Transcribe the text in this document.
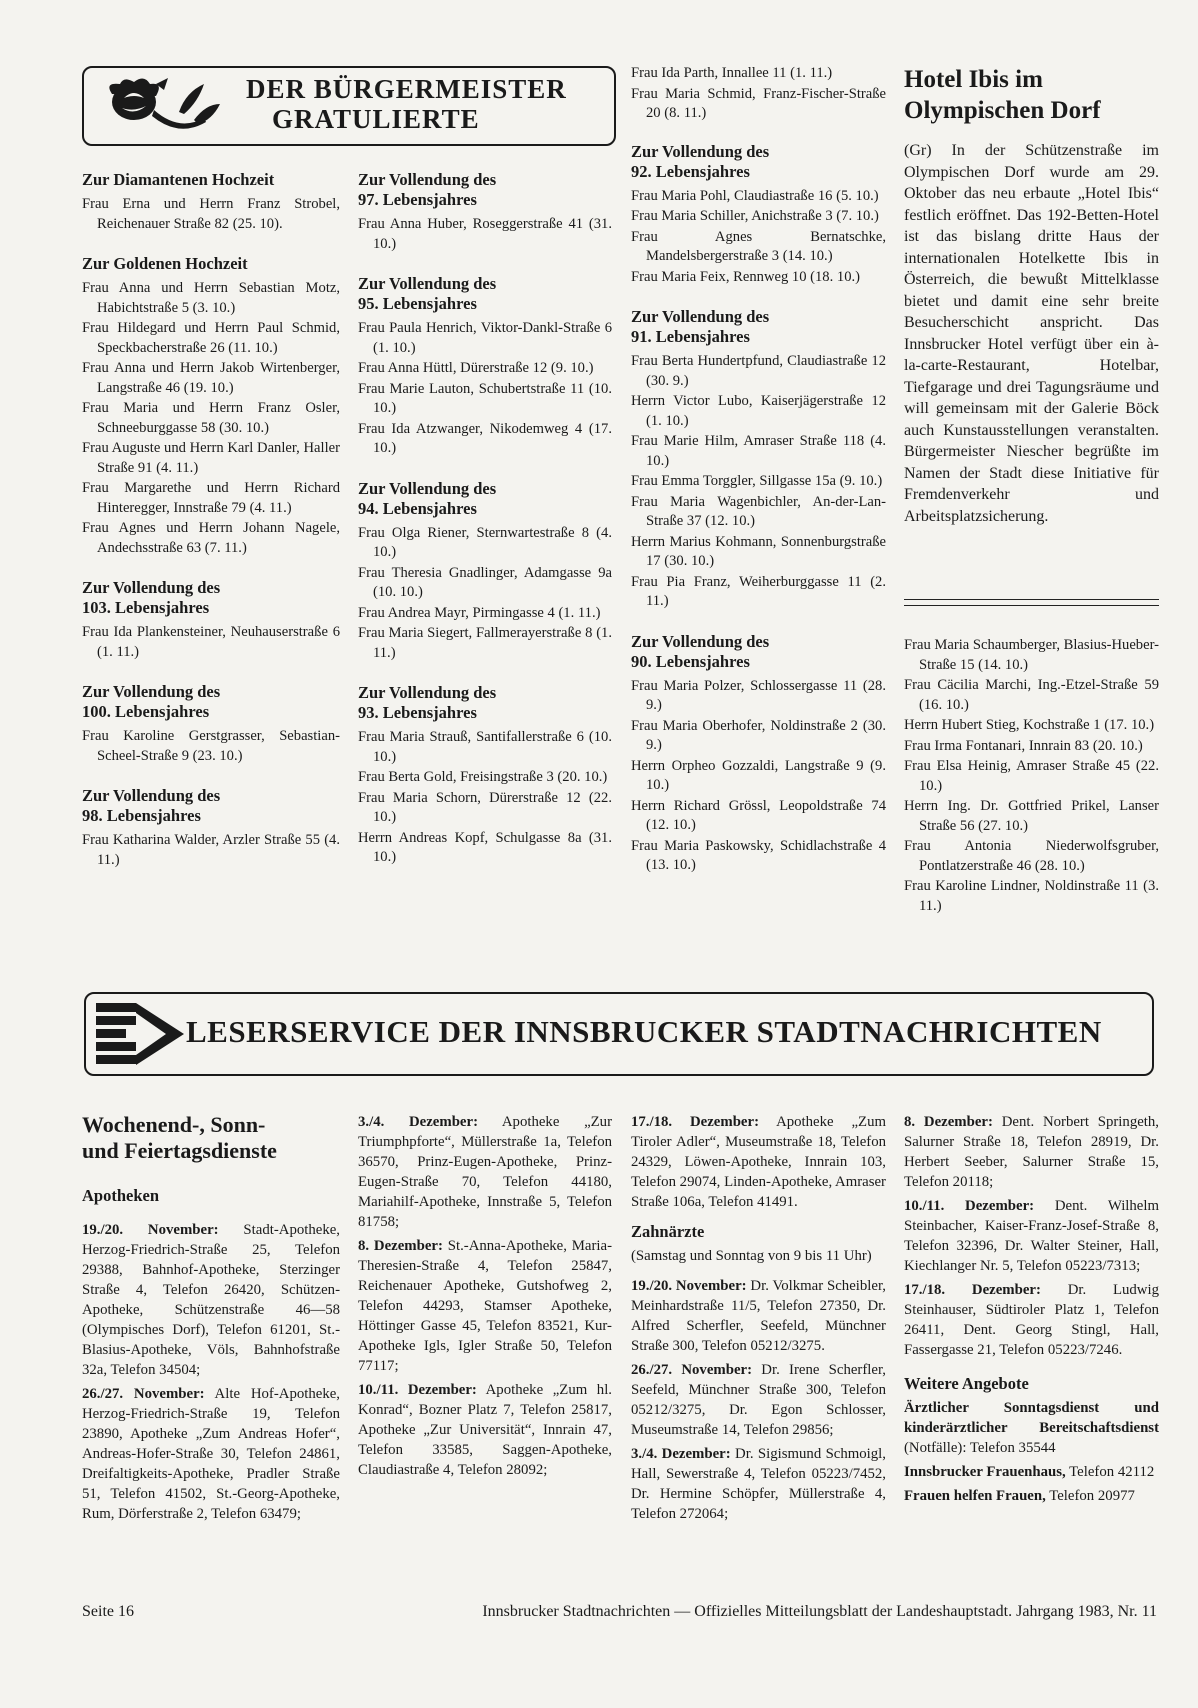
DER BÜRGERMEISTER
GRATULIERTE
Zur Diamantenen Hochzeit
Frau Erna und Herrn Franz Strobel, Reichenauer Straße 82 (25. 10).
Zur Goldenen Hochzeit
Frau Anna und Herrn Sebastian Motz, Habichtstraße 5 (3. 10.)
Frau Hildegard und Herrn Paul Schmid, Speckbacherstraße 26 (11. 10.)
Frau Anna und Herrn Jakob Wirtenberger, Langstraße 46 (19. 10.)
Frau Maria und Herrn Franz Osler, Schneeburggasse 58 (30. 10.)
Frau Auguste und Herrn Karl Danler, Haller Straße 91 (4. 11.)
Frau Margarethe und Herrn Richard Hinteregger, Innstraße 79 (4. 11.)
Frau Agnes und Herrn Johann Nagele, Andechsstraße 63 (7. 11.)
Zur Vollendung des
103. Lebensjahres
Frau Ida Plankensteiner, Neuhauserstraße 6 (1. 11.)
Zur Vollendung des
100. Lebensjahres
Frau Karoline Gerstgrasser, Sebastian-Scheel-Straße 9 (23. 10.)
Zur Vollendung des
98. Lebensjahres
Frau Katharina Walder, Arzler Straße 55 (4. 11.)
Zur Vollendung des
97. Lebensjahres
Frau Anna Huber, Roseggerstraße 41 (31. 10.)
Zur Vollendung des
95. Lebensjahres
Frau Paula Henrich, Viktor-Dankl-Straße 6 (1. 10.)
Frau Anna Hüttl, Dürerstraße 12 (9. 10.)
Frau Marie Lauton, Schubertstraße 11 (10. 10.)
Frau Ida Atzwanger, Nikodemweg 4 (17. 10.)
Zur Vollendung des
94. Lebensjahres
Frau Olga Riener, Sternwartestraße 8 (4. 10.)
Frau Theresia Gnadlinger, Adamgasse 9a (10. 10.)
Frau Andrea Mayr, Pirmingasse 4 (1. 11.)
Frau Maria Siegert, Fallmerayerstraße 8 (1. 11.)
Zur Vollendung des
93. Lebensjahres
Frau Maria Strauß, Santifallerstraße 6 (10. 10.)
Frau Berta Gold, Freisingstraße 3 (20. 10.)
Frau Maria Schorn, Dürerstraße 12 (22. 10.)
Herrn Andreas Kopf, Schulgasse 8a (31. 10.)
Frau Ida Parth, Innallee 11 (1. 11.)
Frau Maria Schmid, Franz-Fischer-Straße 20 (8. 11.)
Zur Vollendung des
92. Lebensjahres
Frau Maria Pohl, Claudiastraße 16 (5. 10.)
Frau Maria Schiller, Anichstraße 3 (7. 10.)
Frau Agnes Bernatschke, Mandelsbergerstraße 3 (14. 10.)
Frau Maria Feix, Rennweg 10 (18. 10.)
Zur Vollendung des
91. Lebensjahres
Frau Berta Hundertpfund, Claudiastraße 12 (30. 9.)
Herrn Victor Lubo, Kaiserjägerstraße 12 (1. 10.)
Frau Marie Hilm, Amraser Straße 118 (4. 10.)
Frau Emma Torggler, Sillgasse 15a (9. 10.)
Frau Maria Wagenbichler, An-der-Lan-Straße 37 (12. 10.)
Herrn Marius Kohmann, Sonnenburgstraße 17 (30. 10.)
Frau Pia Franz, Weiherburggasse 11 (2. 11.)
Zur Vollendung des
90. Lebensjahres
Frau Maria Polzer, Schlossergasse 11 (28. 9.)
Frau Maria Oberhofer, Noldinstraße 2 (30. 9.)
Herrn Orpheo Gozzaldi, Langstraße 9 (9. 10.)
Herrn Richard Grössl, Leopoldstraße 74 (12. 10.)
Frau Maria Paskowsky, Schidlachstraße 4 (13. 10.)
Hotel Ibis im Olympischen Dorf
(Gr) In der Schützenstraße im Olympischen Dorf wurde am 29. Oktober das neu erbaute „Hotel Ibis“ festlich eröffnet. Das 192-Betten-Hotel ist das bislang dritte Haus der internationalen Hotelkette Ibis in Österreich, die bewußt Mittelklasse bietet und damit eine sehr breite Besucherschicht anspricht. Das Innsbrucker Hotel verfügt über ein à-la-carte-Restaurant, Hotelbar, Tiefgarage und drei Tagungsräume und will gemeinsam mit der Galerie Böck auch Kunstausstellungen veranstalten. Bürgermeister Niescher begrüßte im Namen der Stadt diese Initiative für Fremdenverkehr und Arbeitsplatzsicherung.
Frau Maria Schaumberger, Blasius-Hueber-Straße 15 (14. 10.)
Frau Cäcilia Marchi, Ing.-Etzel-Straße 59 (16. 10.)
Herrn Hubert Stieg, Kochstraße 1 (17. 10.)
Frau Irma Fontanari, Innrain 83 (20. 10.)
Frau Elsa Heinig, Amraser Straße 45 (22. 10.)
Herrn Ing. Dr. Gottfried Prikel, Lanser Straße 56 (27. 10.)
Frau Antonia Niederwolfsgruber, Pontlatzerstraße 46 (28. 10.)
Frau Karoline Lindner, Noldinstraße 11 (3. 11.)
LESERSERVICE DER INNSBRUCKER STADTNACHRICHTEN
Wochenend-, Sonn-
und Feiertagsdienste
Apotheken

19./20. November: Stadt-Apotheke, Herzog-Friedrich-Straße 25, Telefon 29388, Bahnhof-Apotheke, Sterzinger Straße 4, Telefon 26420, Schützen-Apotheke, Schützenstraße 46—58 (Olympisches Dorf), Telefon 61201, St.-Blasius-Apotheke, Völs, Bahnhofstraße 32a, Telefon 34504;

26./27. November: Alte Hof-Apotheke, Herzog-Friedrich-Straße 19, Telefon 23890, Apotheke „Zum Andreas Hofer“, Andreas-Hofer-Straße 30, Telefon 24861, Dreifaltigkeits-Apotheke, Pradler Straße 51, Telefon 41502, St.-Georg-Apotheke, Rum, Dörferstraße 2, Telefon 63479;

3./4. Dezember: Apotheke „Zur Triumphpforte“, Müllerstraße 1a, Telefon 36570, Prinz-Eugen-Apotheke, Prinz-Eugen-Straße 70, Telefon 44180, Mariahilf-Apotheke, Innstraße 5, Telefon 81758;

8. Dezember: St.-Anna-Apotheke, Maria-Theresien-Straße 4, Telefon 25847, Reichenauer Apotheke, Gutshofweg 2, Telefon 44293, Stamser Apotheke, Höttinger Gasse 45, Telefon 83521, Kur-Apotheke Igls, Igler Straße 50, Telefon 77117;

10./11. Dezember: Apotheke „Zum hl. Konrad“, Bozner Platz 7, Telefon 25817, Apotheke „Zur Universität“, Innrain 47, Telefon 33585, Saggen-Apotheke, Claudiastraße 4, Telefon 28092;

17./18. Dezember: Apotheke „Zum Tiroler Adler“, Museumstraße 18, Telefon 24329, Löwen-Apotheke, Innrain 103, Telefon 29074, Linden-Apotheke, Amraser Straße 106a, Telefon 41491.

Zahnärzte

(Samstag und Sonntag von 9 bis 11 Uhr)

19./20. November: Dr. Volkmar Scheibler, Meinhardstraße 11/5, Telefon 27350, Dr. Alfred Scherfler, Seefeld, Münchner Straße 300, Telefon 05212/3275.

26./27. November: Dr. Irene Scherfler, Seefeld, Münchner Straße 300, Telefon 05212/3275, Dr. Egon Schlosser, Museumstraße 14, Telefon 29856;

3./4. Dezember: Dr. Sigismund Schmoigl, Hall, Sewerstraße 4, Telefon 05223/7452, Dr. Hermine Schöpfer, Müllerstraße 4, Telefon 272064;

8. Dezember: Dent. Norbert Springeth, Salurner Straße 18, Telefon 28919, Dr. Herbert Seeber, Salurner Straße 15, Telefon 20118;

10./11. Dezember: Dent. Wilhelm Steinbacher, Kaiser-Franz-Josef-Straße 8, Telefon 32396, Dr. Walter Steiner, Hall, Kiechlanger Nr. 5, Telefon 05223/7313;

17./18. Dezember: Dr. Ludwig Steinhauser, Südtiroler Platz 1, Telefon 26411, Dent. Georg Stingl, Hall, Fassergasse 21, Telefon 05223/7246.

Weitere Angebote

Ärztlicher Sonntagsdienst und kinderärztlicher Bereitschaftsdienst (Notfälle): Telefon 35544

Innsbrucker Frauenhaus, Telefon 42112

Frauen helfen Frauen, Telefon 20977

Seite 16	Innsbrucker Stadtnachrichten — Offizielles Mitteilungsblatt der Landeshauptstadt. Jahrgang 1983, Nr. 11
